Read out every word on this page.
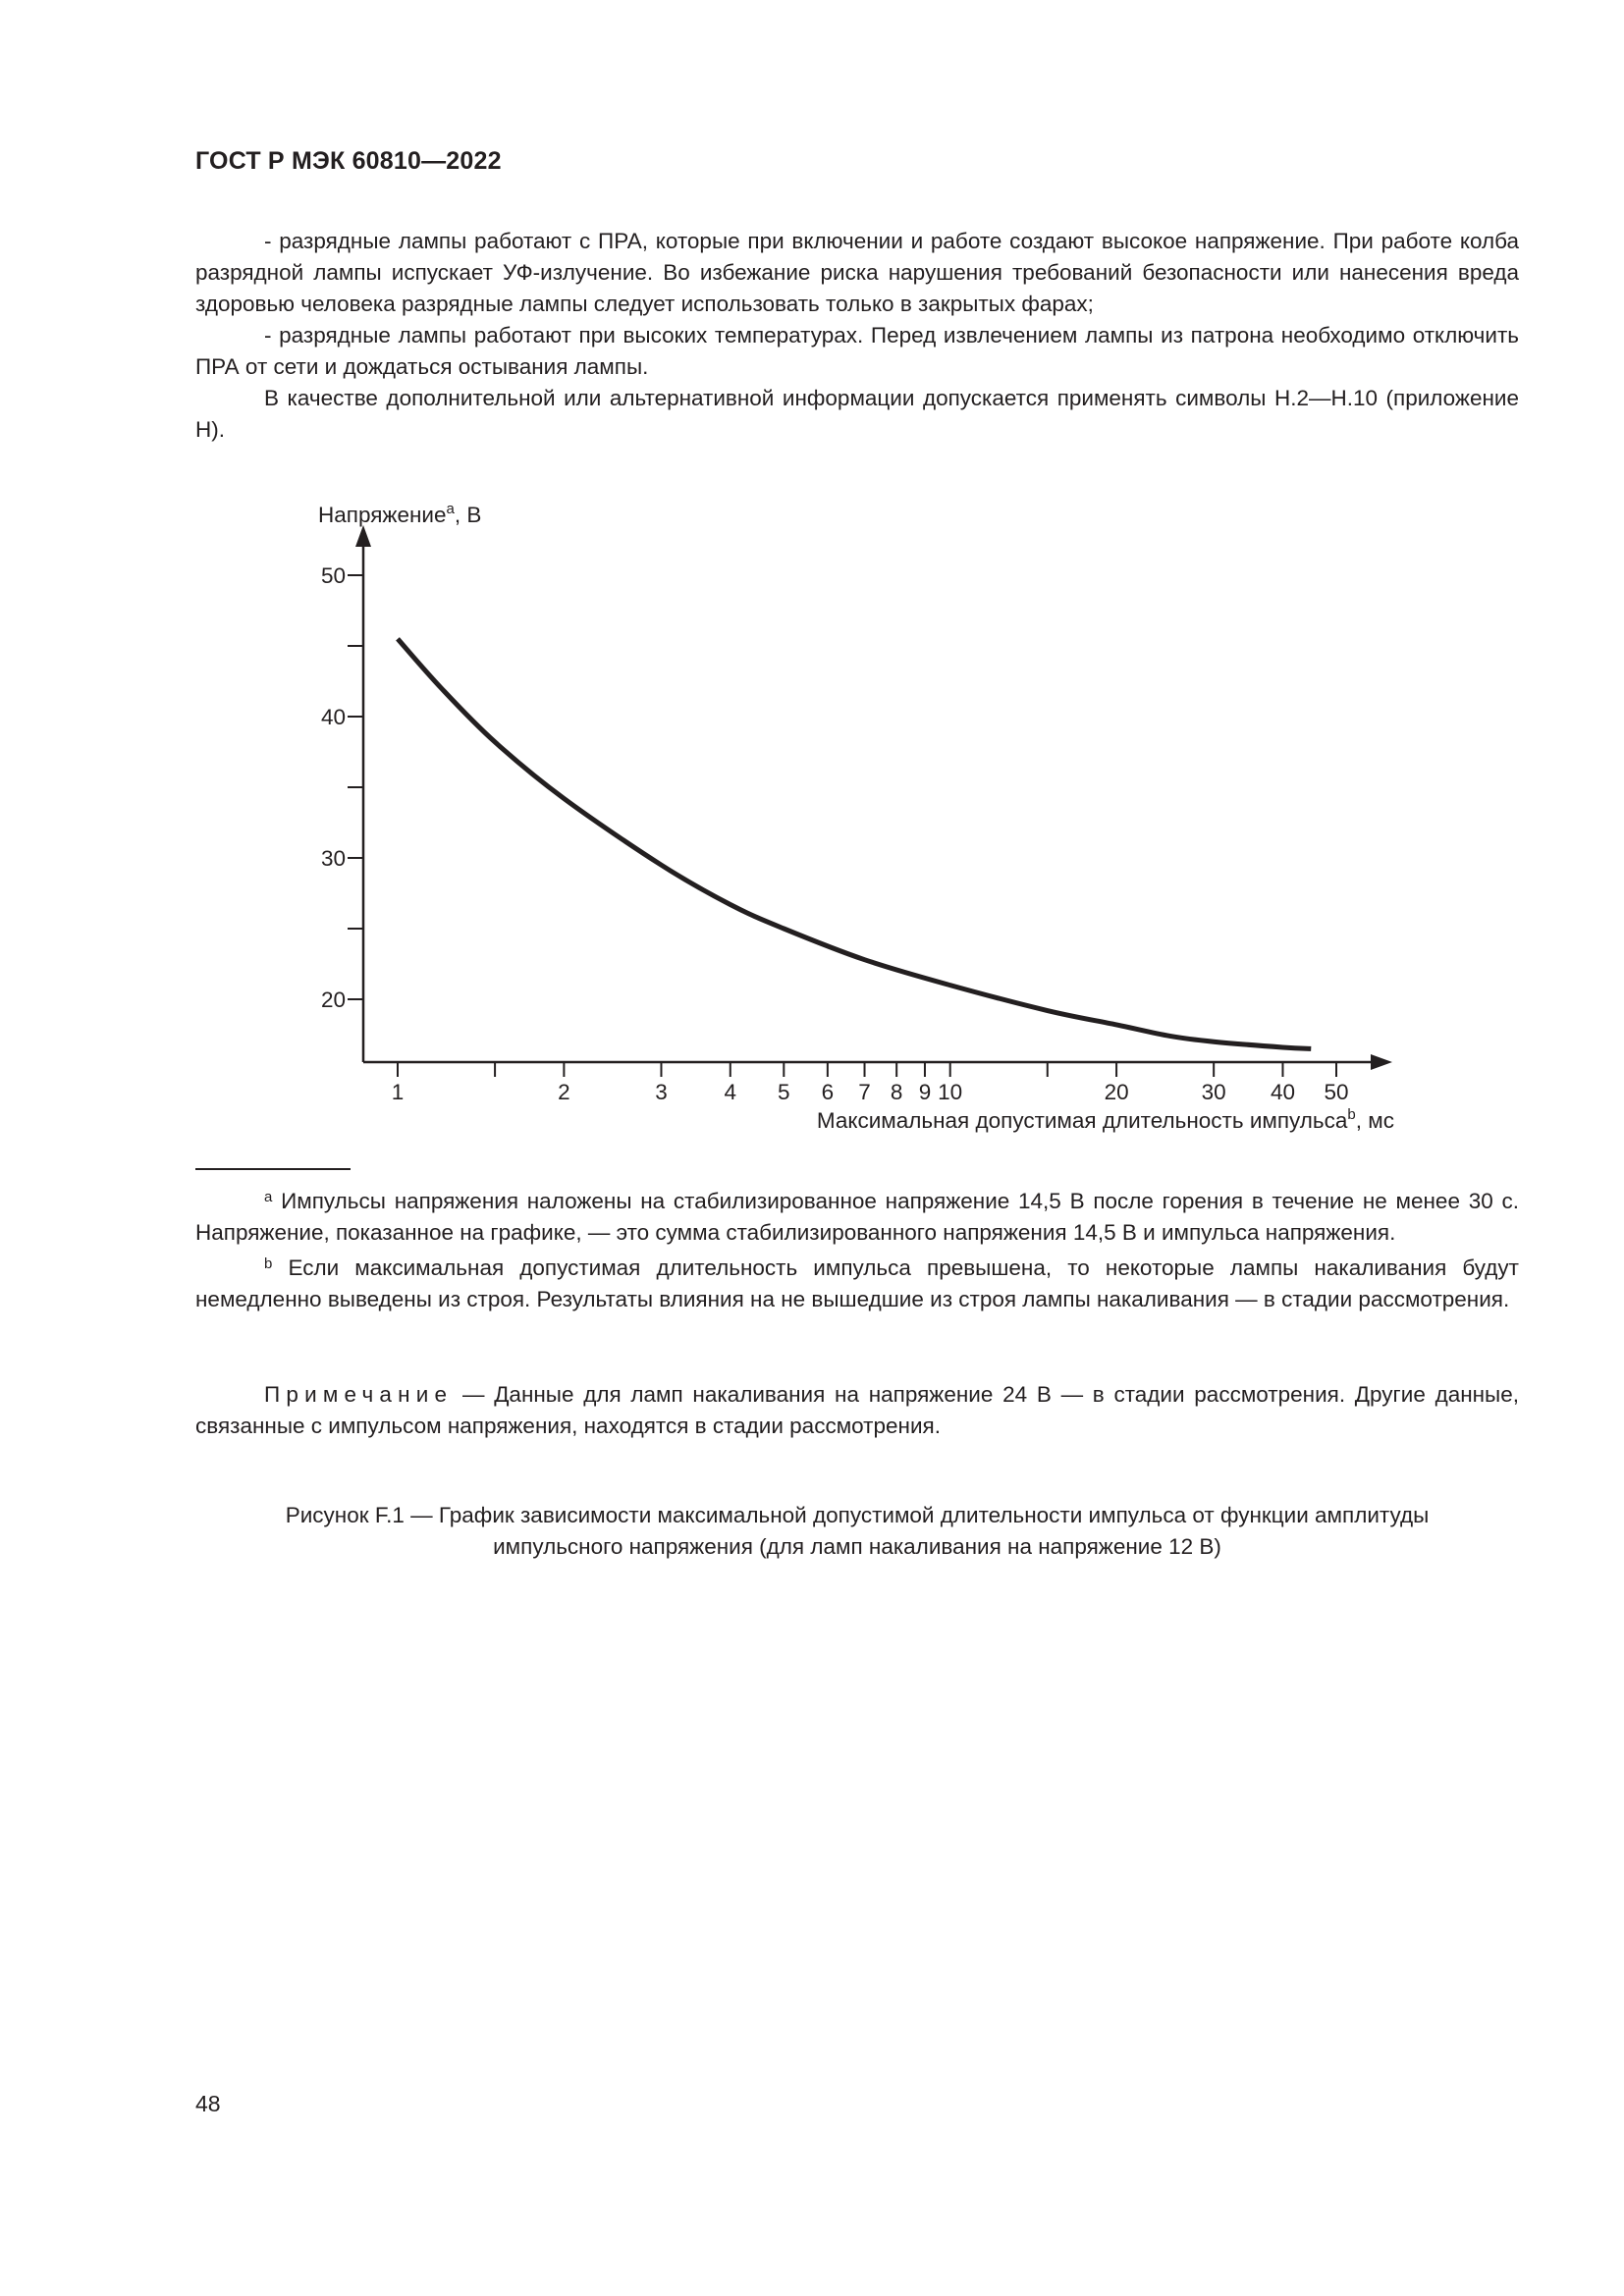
ГОСТ Р МЭК 60810—2022

- разрядные лампы работают с ПРА, которые при включении и работе создают высокое напряжение. При работе колба разрядной лампы испускает УФ-излучение. Во избежание риска нарушения требований безопасности или нанесения вреда здоровью человека разрядные лампы следует использовать только в закрытых фарах;

- разрядные лампы работают при высоких температурах. Перед извлечением лампы из патрона необходимо отключить ПРА от сети и дождаться остывания лампы.

В качестве дополнительной или альтернативной информации допускается применять символы Н.2—Н.10 (приложение Н).

1	2	3	4 5 6 7 8 9 10	20	30 40 50
20
30
40
50
Напряжение$^a$, В
Максимальная допустимая длительность импульса$^b$, мс

$^a$ Импульсы напряжения наложены на стабилизированное напряжение 14,5 В после горения в течение не менее 30 с. Напряжение, показанное на графике, — это сумма стабилизированного напряжения 14,5 В и импульса напряжения.

$^b$ Если максимальная допустимая длительность импульса превышена, то некоторые лампы накаливания будут немедленно выведены из строя. Результаты влияния на не вышедшие из строя лампы накаливания — в стадии рассмотрения.

Примечание — Данные для ламп накаливания на напряжение 24 В — в стадии рассмотрения. Другие данные, связанные с импульсом напряжения, находятся в стадии рассмотрения.

Рисунок F.1 — График зависимости максимальной допустимой длительности импульса от функции амплитуды
импульсного напряжения (для ламп накаливания на напряжение 12 В)
48
